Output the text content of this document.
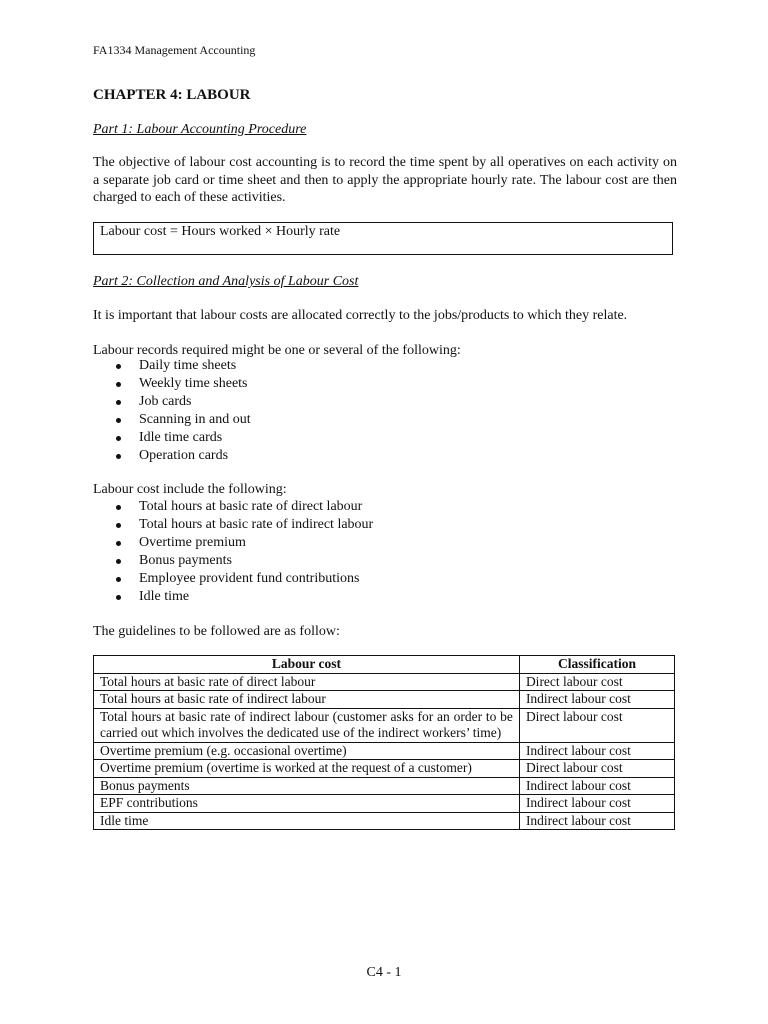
FA1334 Management Accounting
CHAPTER 4: LABOUR
Part 1: Labour Accounting Procedure

The objective of labour cost accounting is to record the time spent by all operatives on each activity on a separate job card or time sheet and then to apply the appropriate hourly rate. The labour cost are then charged to each of these activities.

Labour cost = Hours worked × Hourly rate
Part 2: Collection and Analysis of Labour Cost

It is important that labour costs are allocated correctly to the jobs/products to which they relate.

Labour records required might be one or several of the following:

Daily time sheets
Weekly time sheets
Job cards
Scanning in and out
Idle time cards
Operation cards

Labour cost include the following:

Total hours at basic rate of direct labour
Total hours at basic rate of indirect labour
Overtime premium
Bonus payments
Employee provident fund contributions
Idle time

The guidelines to be followed are as follow:

Labour cost	Classification
Total hours at basic rate of direct labour	Direct labour cost
Total hours at basic rate of indirect labour	Indirect labour cost
Total hours at basic rate of indirect labour (customer asks for an order to be carried out which involves the dedicated use of the indirect workers’ time)	Direct labour cost
Overtime premium (e.g. occasional overtime)	Indirect labour cost
Overtime premium (overtime is worked at the request of a customer)	Direct labour cost
Bonus payments	Indirect labour cost
EPF contributions	Indirect labour cost
Idle time	Indirect labour cost
C4 - 1
